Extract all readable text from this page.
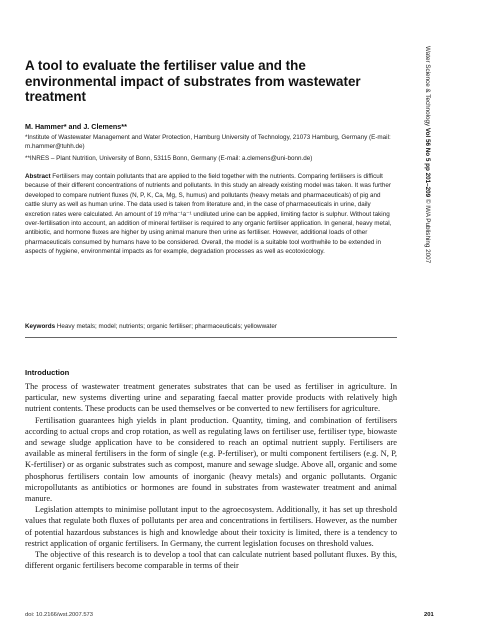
A tool to evaluate the fertiliser value and the environmental impact of substrates from wastewater treatment
M. Hammer* and J. Clemens**
*Institute of Wastewater Management and Water Protection, Hamburg University of Technology, 21073 Hamburg, Germany (E-mail: m.hammer@tuhh.de)
**INRES – Plant Nutrition, University of Bonn, 53115 Bonn, Germany (E-mail: a.clemens@uni-bonn.de)

Abstract Fertilisers may contain pollutants that are applied to the field together with the nutrients. Comparing fertilisers is difficult because of their different concentrations of nutrients and pollutants. In this study an already existing model was taken. It was further developed to compare nutrient fluxes (N, P, K, Ca, Mg, S, humus) and pollutants (heavy metals and pharmaceuticals) of pig and cattle slurry as well as human urine. The data used is taken from literature and, in the case of pharmaceuticals in urine, daily excretion rates were calculated. An amount of 19 m³ha⁻¹a⁻¹ undiluted urine can be applied, limiting factor is sulphur. Without taking over-fertilisation into account, an addition of mineral fertiliser is required to any organic fertiliser application. In general, heavy metal, antibiotic, and hormone fluxes are higher by using animal manure then urine as fertiliser. However, additional loads of other pharmaceuticals consumed by humans have to be considered. Overall, the model is a suitable tool worthwhile to be extended in aspects of hygiene, environmental impacts as for example, degradation processes as well as ecotoxicology.

Keywords Heavy metals; model; nutrients; organic fertiliser; pharmaceuticals; yellowwater
Water Science & Technology Vol 56 No 5 pp 201–209 © IWA Publishing 2007
Introduction

The process of wastewater treatment generates substrates that can be used as fertiliser in agriculture. In particular, new systems diverting urine and separating faecal matter provide products with relatively high nutrient contents. These products can be used themselves or be converted to new fertilisers for agriculture.

Fertilisation guarantees high yields in plant production. Quantity, timing, and combination of fertilisers according to actual crops and crop rotation, as well as regulating laws on fertiliser use, fertiliser type, biowaste and sewage sludge application have to be considered to reach an optimal nutrient supply. Fertilisers are available as mineral fertilisers in the form of single (e.g. P-fertiliser), or multi component fertilisers (e.g. N, P, K-fertiliser) or as organic substrates such as compost, manure and sewage sludge. Above all, organic and some phosphorus fertilisers contain low amounts of inorganic (heavy metals) and organic pollutants. Organic micropollutants as antibiotics or hormones are found in substrates from wastewater treatment and animal manure.

Legislation attempts to minimise pollutant input to the agroecosystem. Additionally, it has set up threshold values that regulate both fluxes of pollutants per area and concentrations in fertilisers. However, as the number of potential hazardous substances is high and knowledge about their toxicity is limited, there is a tendency to restrict application of organic fertilisers. In Germany, the current legislation focuses on threshold values.

The objective of this research is to develop a tool that can calculate nutrient based pollutant fluxes. By this, different organic fertilisers become comparable in terms of their

doi: 10.2166/wst.2007.573	201
